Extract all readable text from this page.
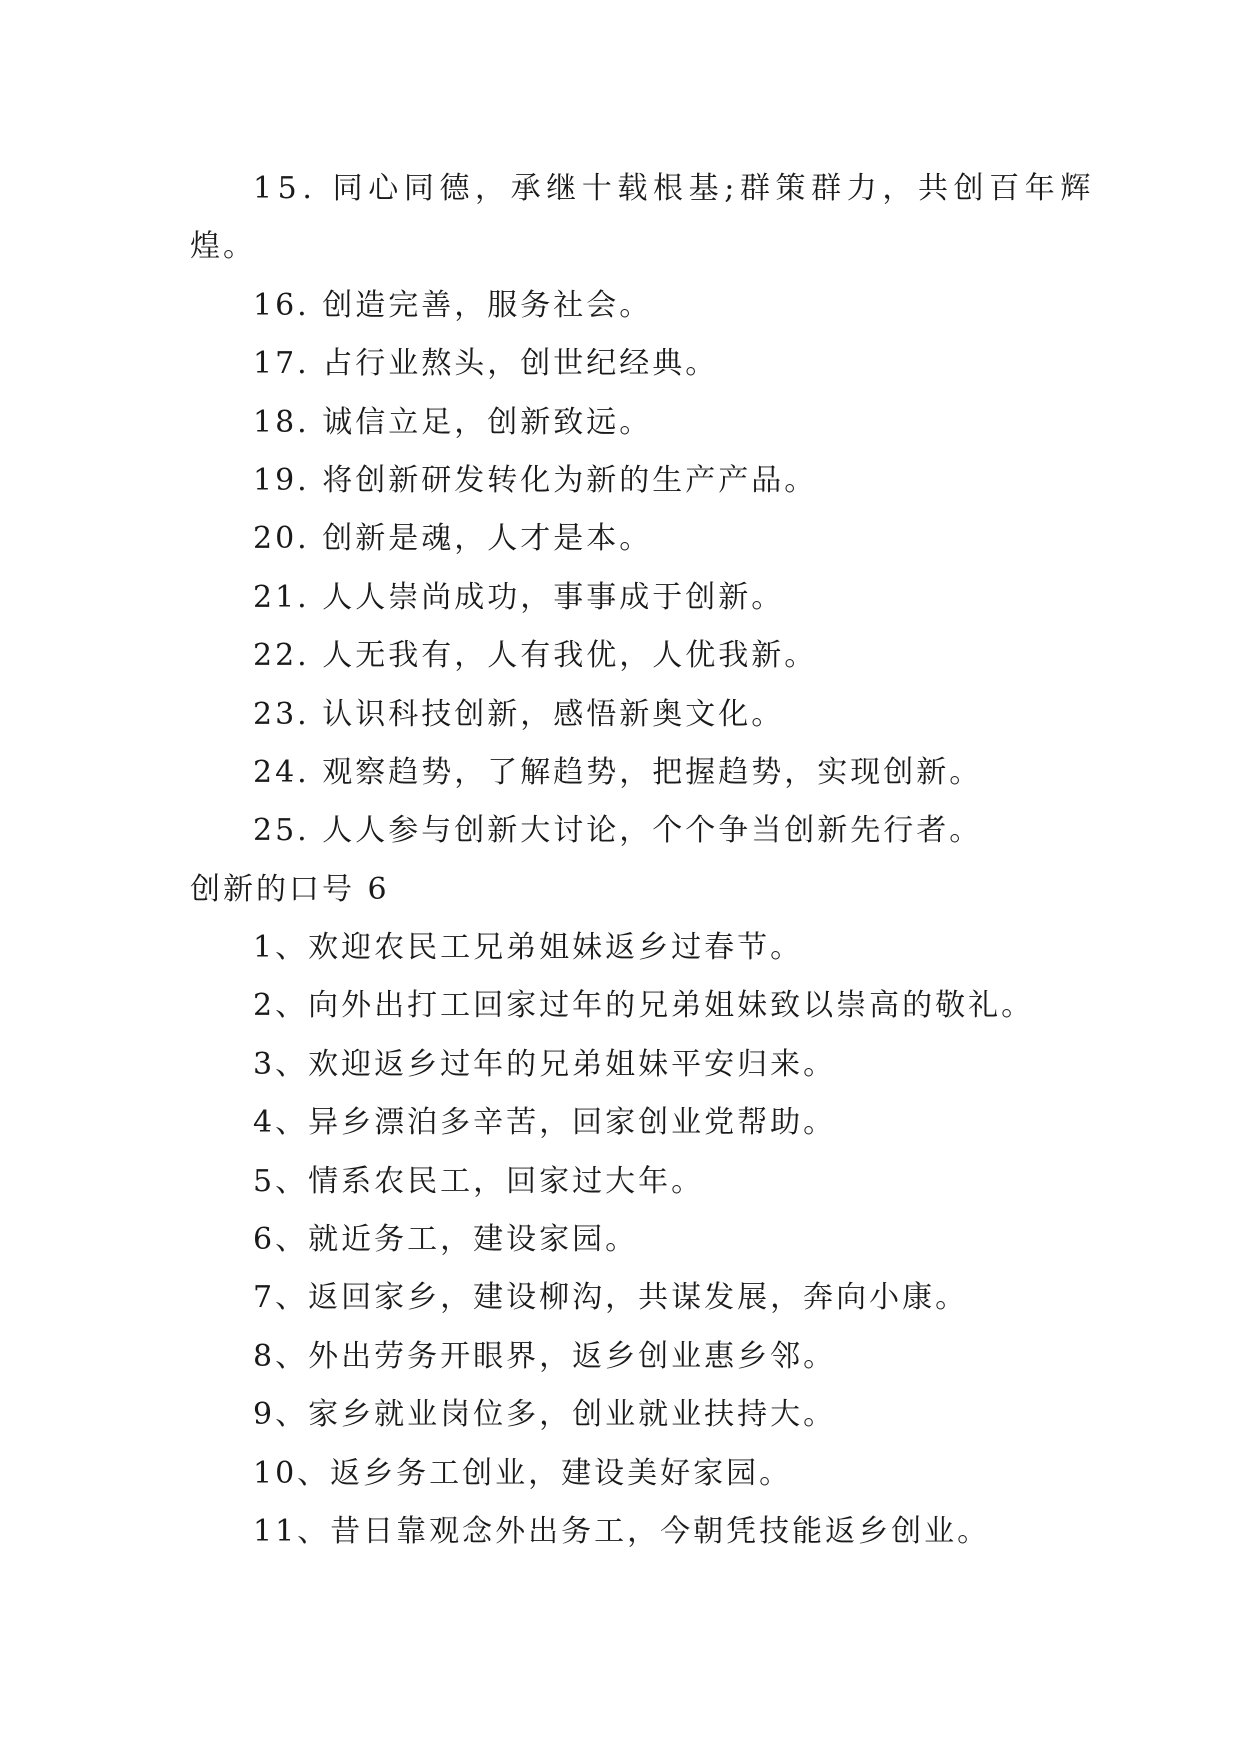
15. 同心同德，承继十载根基;群策群力，共创百年辉
煌。
16. 创造完善，服务社会。
17. 占行业熬头，创世纪经典。
18. 诚信立足，创新致远。
19. 将创新研发转化为新的生产产品。
20. 创新是魂，人才是本。
21. 人人崇尚成功，事事成于创新。
22. 人无我有，人有我优，人优我新。
23. 认识科技创新，感悟新奥文化。
24. 观察趋势，了解趋势，把握趋势，实现创新。
25. 人人参与创新大讨论，个个争当创新先行者。
创新的口号 6
1、欢迎农民工兄弟姐妹返乡过春节。
2、向外出打工回家过年的兄弟姐妹致以崇高的敬礼。
3、欢迎返乡过年的兄弟姐妹平安归来。
4、异乡漂泊多辛苦，回家创业党帮助。
5、情系农民工，回家过大年。
6、就近务工，建设家园。
7、返回家乡，建设柳沟，共谋发展，奔向小康。
8、外出劳务开眼界，返乡创业惠乡邻。
9、家乡就业岗位多，创业就业扶持大。
10、返乡务工创业，建设美好家园。
11、昔日靠观念外出务工，今朝凭技能返乡创业。
